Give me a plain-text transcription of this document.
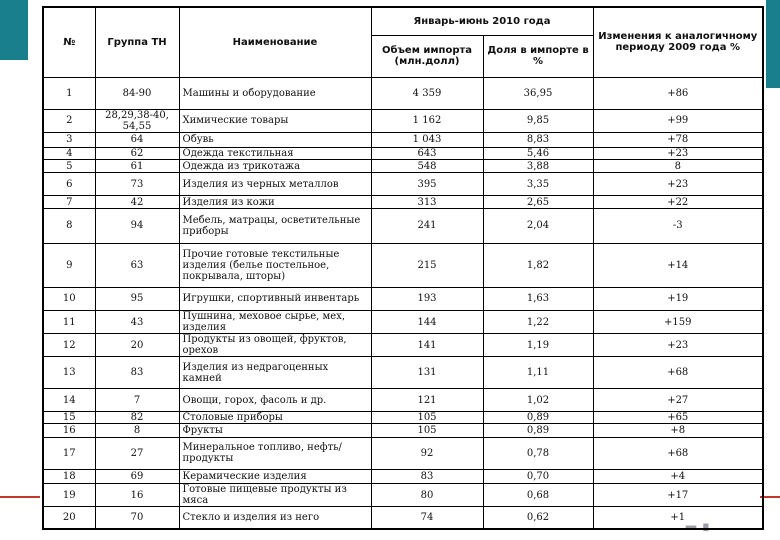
▬ ▮
№	Группа ТН	Наименование	Январь-июнь 2010 года		Изменения к аналогичному периоду 2009 года %
			Объем импорта (млн.долл)	Доля в импорте в %	
1	84-90	Машины и оборудование	4 359	36,95	+86
2	28,29,38-40, 54,55	Химические товары	1 162	9,85	+99
3	64	Обувь	1 043	8,83	+78
4	62	Одежда текстильная	643	5,46	+23
5	61	Одежда из трикотажа	548	3,88	8
6	73	Изделия из черных металлов	395	3,35	+23
7	42	Изделия из кожи	313	2,65	+22
8	94	Мебель, матрацы, осветительные приборы	241	2,04	-3
9	63	Прочие готовые текстильные изделия (белье постельное, покрывала, шторы)	215	1,82	+14
10	95	Игрушки, спортивный инвентарь	193	1,63	+19
11	43	Пушнина, меховое сырье, мех, изделия	144	1,22	+159
12	20	Продукты из овощей, фруктов, орехов	141	1,19	+23
13	83	Изделия из недрагоценных камней	131	1,11	+68
14	7	Овощи, горох, фасоль и др.	121	1,02	+27
15	82	Столовые приборы	105	0,89	+65
16	8	Фрукты	105	0,89	+8
17	27	Минеральное топливо, нефть/продукты	92	0,78	+68
18	69	Керамические изделия	83	0,70	+4
19	16	Готовые пищевые продукты из мяса	80	0,68	+17
20	70	Стекло и изделия из него	74	0,62	+1
